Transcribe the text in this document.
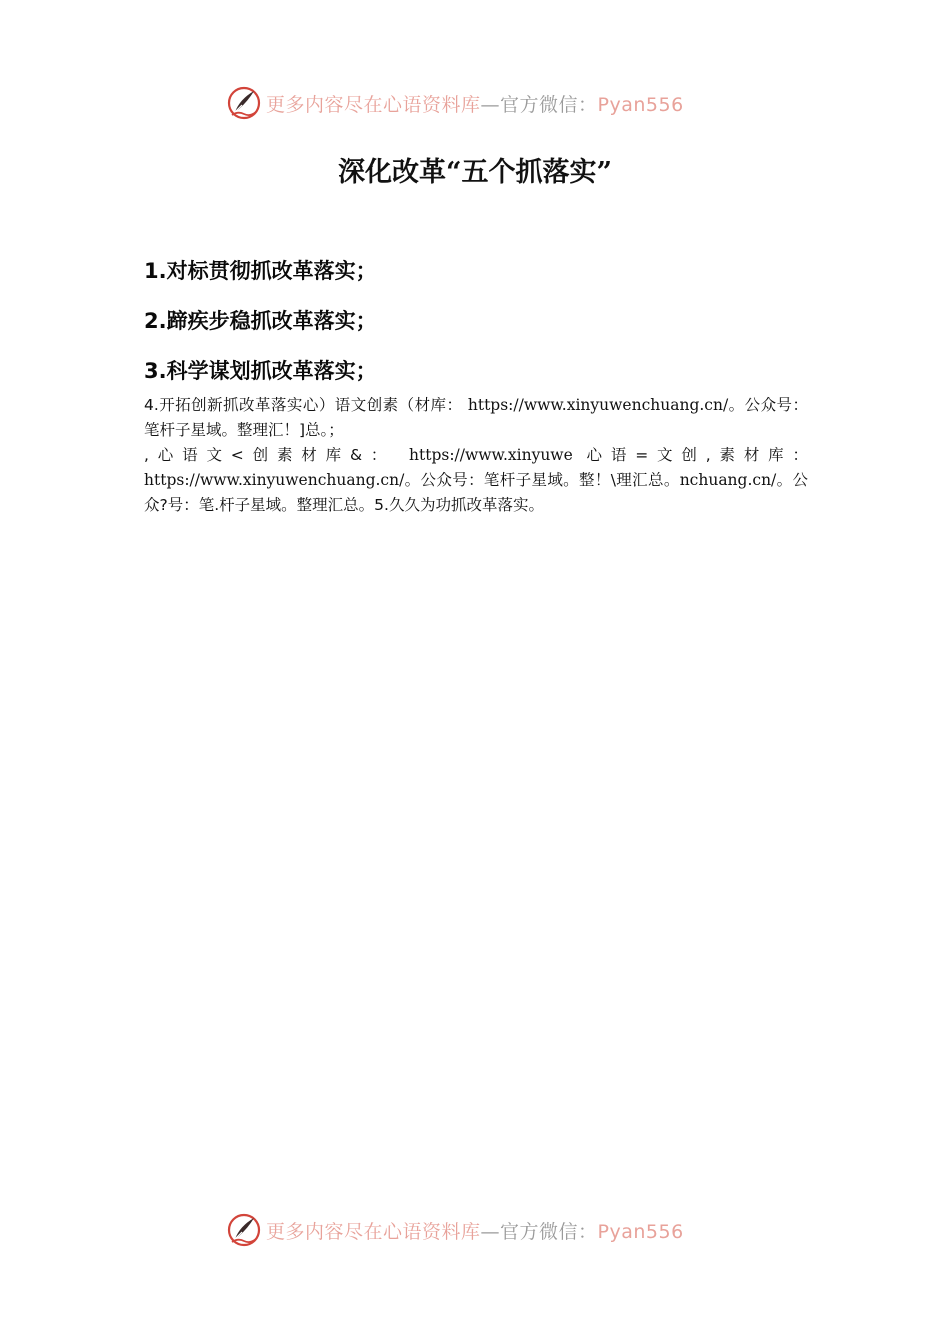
更多内容尽在心语资料库—官方微信：Pyan556
深化改革“五个抓落实”
1.对标贯彻抓改革落实；
2.蹄疾步稳抓改革落实；
3.科学谋划抓改革落实；

4.开拓创新抓改革落实心）语文创素（材库： https://www.xinyuwenchuang.cn/。公众号：笔杆子星域。整理汇！]总。；

,心语文<创素材库&： https://www.xinyuwe 心语=文创,素材库： https://www.xinyuwenchuang.cn/。公众号：笔杆子星域。整！\理汇总。nchuang.cn/。公众?号：笔.杆子星域。整理汇总。5.久久为功抓改革落实。

更多内容尽在心语资料库—官方微信：Pyan556
